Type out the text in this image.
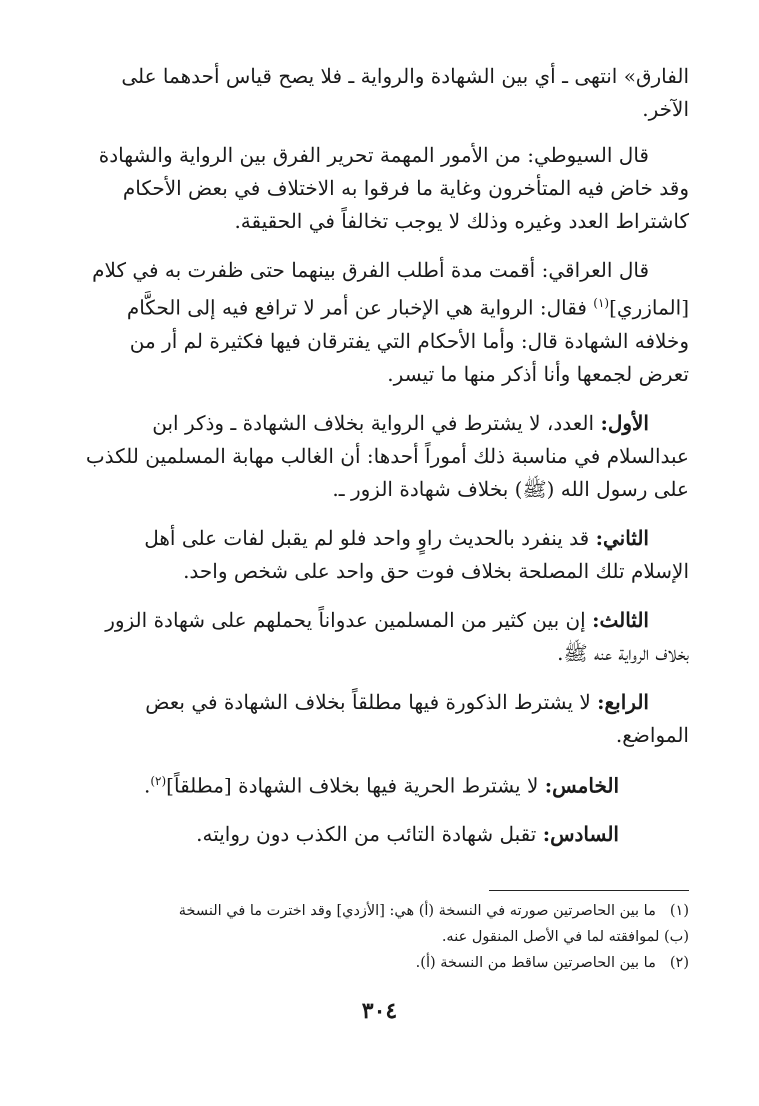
الفارق» انتهى ـ أي بين الشهادة والرواية ـ فلا يصح قياس أحدهما على
الآخر.

قال السيوطي: من الأمور المهمة تحرير الفرق بين الرواية والشهادة
وقد خاض فيه المتأخرون وغاية ما فرقوا به الاختلاف في بعض الأحكام
كاشتراط العدد وغيره وذلك لا يوجب تخالفاً في الحقيقة.

قال العراقي: أقمت مدة أطلب الفرق بينهما حتى ظفرت به في كلام
[المازري]$^{(١)}$ فقال: الرواية هي الإخبار عن أمر لا ترافع فيه إلى الحكَّام
وخلافه الشهادة قال: وأما الأحكام التي يفترقان فيها فكثيرة لم أر من
تعرض لجمعها وأنا أذكر منها ما تيسر.

الأول: العدد، لا يشترط في الرواية بخلاف الشهادة ـ وذكر ابن
عبدالسلام في مناسبة ذلك أموراً أحدها: أن الغالب مهابة المسلمين للكذب
على رسول الله (ﷺ) بخلاف شهادة الزور ـ.

الثاني: قد ينفرد بالحديث راوٍ واحد فلو لم يقبل لفات على أهل
الإسلام تلك المصلحة بخلاف فوت حق واحد على شخص واحد.

الثالث: إن بين كثير من المسلمين عدواناً يحملهم على شهادة الزور
بخلاف الرواية عنه ﷺ.

الرابع: لا يشترط الذكورة فيها مطلقاً بخلاف الشهادة في بعض
المواضع.

الخامس: لا يشترط الحرية فيها بخلاف الشهادة [مطلقاً]$^{(٢)}$.

السادس: تقبل شهادة التائب من الكذب دون روايته.

(١)ما بين الحاصرتين صورته في النسخة (أ) هي: [الأزدي] وقد اخترت ما في النسخة
(ب) لموافقته لما في الأصل المنقول عنه.
(٢)ما بين الحاصرتين ساقط من النسخة (أ).
٣٠٤
